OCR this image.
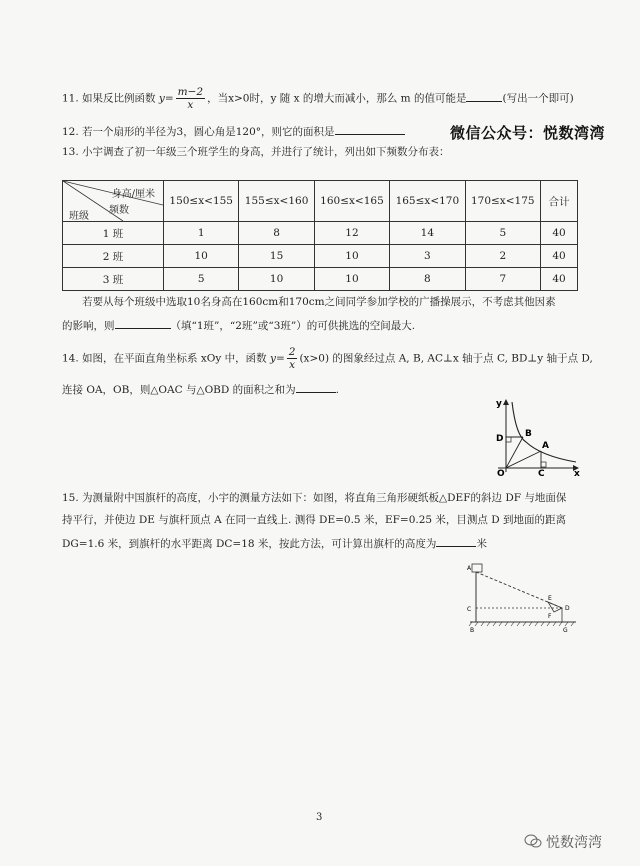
微信公众号：悦数湾湾
11. 如果反比例函数 $y= \frac{m-2}{x}$ ，当x>0时，y 随 x 的增大而减小，那么 m 的值可能是	(写出一个即可)
12. 若一个扇形的半径为3，圆心角是120°，则它的面积是
13. 小宇调查了初一年级三个班学生的身高，并进行了统计，列出如下频数分布表：
身高/厘米
频数
班级	150≤x<155	155≤x<160	160≤x<165	165≤x<170	170≤x<175	合计
1 班	1	8	12	14	5	40
2 班	10	15	10	3	2	40
3 班	5	10	10	8	7	40
若要从每个班级中选取10名身高在160cm和170cm之间同学参加学校的广播操展示，不考虑其他因素
的影响，则	（填“1班”，“2班”或“3班”）的可供挑选的空间最大.
14. 如图，在平面直角坐标系 xOy 中，函数 $y= \frac{2}{x} (x>0)$ 的图象经过点 A, B, AC⊥x 轴于点 C, BD⊥y 轴于点 D,
连接 OA，OB，则△OAC 与△OBD 的面积之和为	.
y
x
O
D B
A
C
15. 为测量附中国旗杆的高度，小宇的测量方法如下：如图，将直角三角形硬纸板△DEF的斜边 DF 与地面保
持平行，并使边 DE 与旗杆顶点 A 在同一直线上. 测得 DE=0.5 米，EF=0.25 米，目测点 D 到地面的距离
DG=1.6 米，到旗杆的水平距离 DC=18 米，按此方法，可计算出旗杆的高度为	米
A
C
B
E
F
D
G
3
悦数湾湾
